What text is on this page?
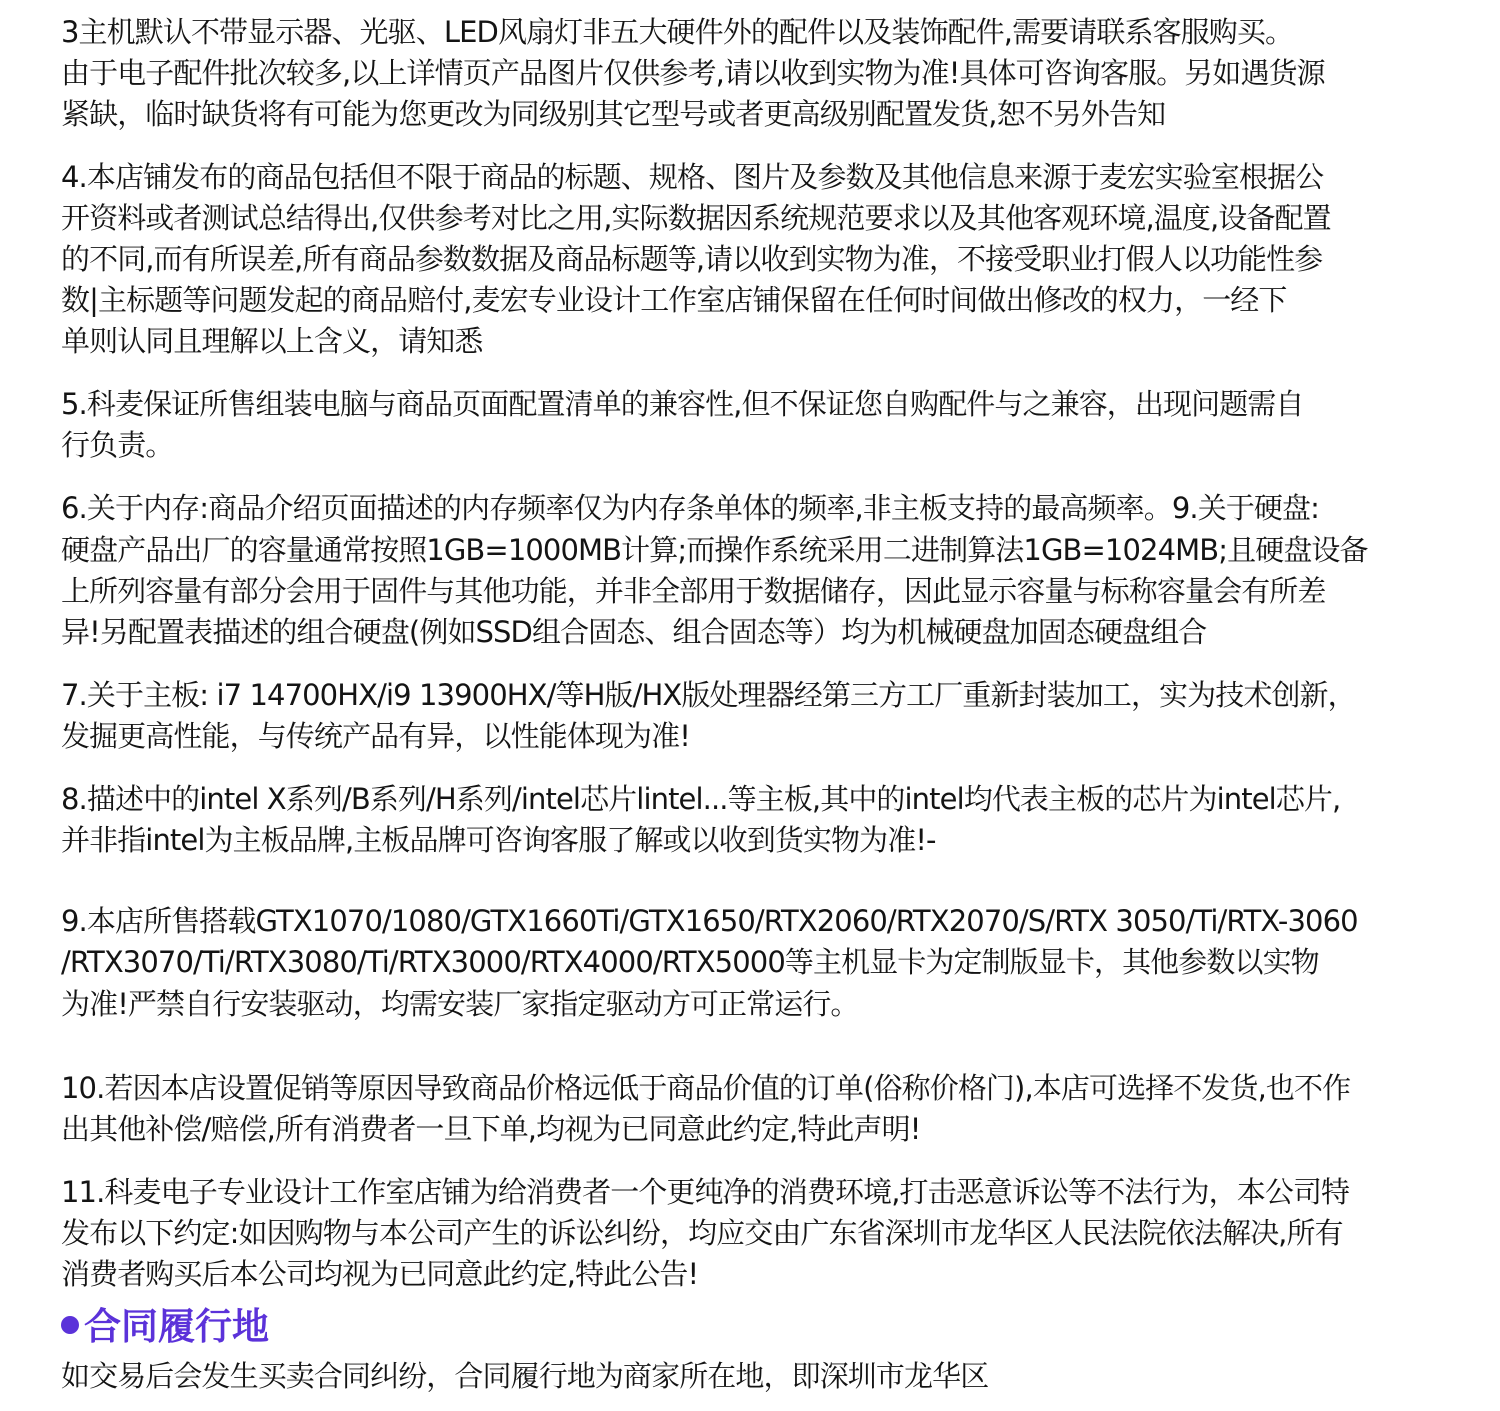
3主机默认不带显示器、光驱、LED风扇灯非五大硬件外的配件以及装饰配件,需要请联系客服购买。

由于电子配件批次较多,以上详情页产品图片仅供参考,请以收到实物为准!具体可咨询客服。另如遇货源

紧缺，临时缺货将有可能为您更改为同级别其它型号或者更高级别配置发货,恕不另外告知

4.本店铺发布的商品包括但不限于商品的标题、规格、图片及参数及其他信息来源于麦宏实验室根据公

开资料或者测试总结得出,仅供参考对比之用,实际数据因系统规范要求以及其他客观环境,温度,设备配置

的不同,而有所误差,所有商品参数数据及商品标题等,请以收到实物为准，不接受职业打假人以功能性参

数|主标题等问题发起的商品赔付,麦宏专业设计工作室店铺保留在任何时间做出修改的权力，一经下

单则认同且理解以上含义，请知悉

5.科麦保证所售组装电脑与商品页面配置清单的兼容性,但不保证您自购配件与之兼容，出现问题需自

行负责。

6.关于内存:商品介绍页面描述的内存频率仅为内存条单体的频率,非主板支持的最高频率。9.关于硬盘:

硬盘产品出厂的容量通常按照1GB=1000MB计算;而操作系统采用二进制算法1GB=1024MB;且硬盘设备

上所列容量有部分会用于固件与其他功能，并非全部用于数据储存，因此显示容量与标称容量会有所差

异!另配置表描述的组合硬盘(例如SSD组合固态、组合固态等）均为机械硬盘加固态硬盘组合

7.关于主板: i7 14700HX/i9 13900HX/等H版/HX版处理器经第三方工厂重新封装加工，实为技术创新，

发掘更高性能，与传统产品有异，以性能体现为准!

8.描述中的intel X系列/B系列/H系列/intel芯片lintel...等主板,其中的intel均代表主板的芯片为intel芯片,

并非指intel为主板品牌,主板品牌可咨询客服了解或以收到货实物为准!-

9.本店所售搭载GTX1070/1080/GTX1660Ti/GTX1650/RTX2060/RTX2070/S/RTX 3050/Ti/RTX-3060

/RTX3070/Ti/RTX3080/Ti/RTX3000/RTX4000/RTX5000等主机显卡为定制版显卡，其他参数以实物

为准!严禁自行安装驱动，均需安装厂家指定驱动方可正常运行。

10.若因本店设置促销等原因导致商品价格远低于商品价值的订单(俗称价格门),本店可选择不发货,也不作

出其他补偿/赔偿,所有消费者一旦下单,均视为已同意此约定,特此声明!

11.科麦电子专业设计工作室店铺为给消费者一个更纯净的消费环境,打击恶意诉讼等不法行为，本公司特

发布以下约定:如因购物与本公司产生的诉讼纠纷，均应交由广东省深圳市龙华区人民法院依法解决,所有

消费者购买后本公司均视为已同意此约定,特此公告!

合同履行地

如交易后会发生买卖合同纠纷，合同履行地为商家所在地，即深圳市龙华区
